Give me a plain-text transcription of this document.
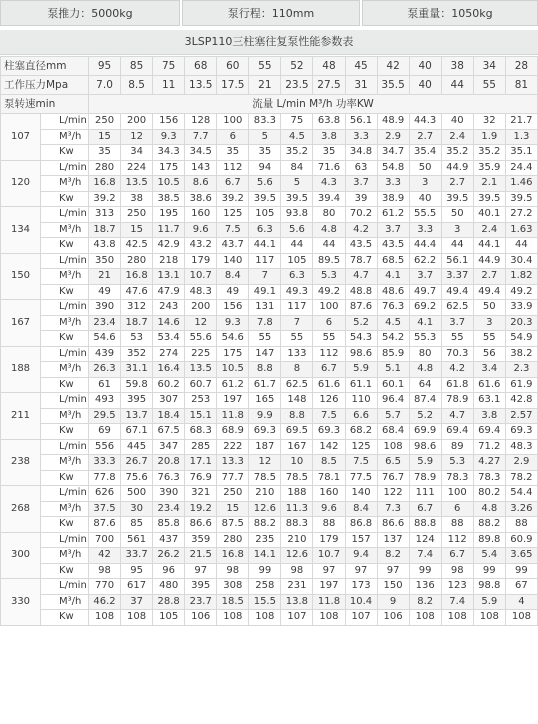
泵推力：5000kg	泵行程：110mm	泵重量：1050kg
3LSP110三柱塞往复泵性能参数表
柱塞直径mm		95	85	75	68	60	55	52	48	45	42	40	38	34	28
工作压力Mpa		7.0	8.5	11	13.5	17.5	21	23.5	27.5	31	35.5	40	44	55	81
泵转速min		流量 L/min M³/h 功率KW													
107	L/min	250	200	156	128	100	83.3	75	63.8	56.1	48.9	44.3	40	32	21.7
	M³/h	15	12	9.3	7.7	6	5	4.5	3.8	3.3	2.9	2.7	2.4	1.9	1.3
	Kw	35	34	34.3	34.5	35	35	35.2	35	34.8	34.7	35.4	35.2	35.2	35.1
120	L/min	280	224	175	143	112	94	84	71.6	63	54.8	50	44.9	35.9	24.4
	M³/h	16.8	13.5	10.5	8.6	6.7	5.6	5	4.3	3.7	3.3	3	2.7	2.1	1.46
	Kw	39.2	38	38.5	38.6	39.2	39.5	39.5	39.4	39	38.9	40	39.5	39.5	39.5
134	L/min	313	250	195	160	125	105	93.8	80	70.2	61.2	55.5	50	40.1	27.2
	M³/h	18.7	15	11.7	9.6	7.5	6.3	5.6	4.8	4.2	3.7	3.3	3	2.4	1.63
	Kw	43.8	42.5	42.9	43.2	43.7	44.1	44	44	43.5	43.5	44.4	44	44.1	44
150	L/min	350	280	218	179	140	117	105	89.5	78.7	68.5	62.2	56.1	44.9	30.4
	M³/h	21	16.8	13.1	10.7	8.4	7	6.3	5.3	4.7	4.1	3.7	3.37	2.7	1.82
	Kw	49	47.6	47.9	48.3	49	49.1	49.3	49.2	48.8	48.6	49.7	49.4	49.4	49.2
167	L/min	390	312	243	200	156	131	117	100	87.6	76.3	69.2	62.5	50	33.9
	M³/h	23.4	18.7	14.6	12	9.3	7.8	7	6	5.2	4.5	4.1	3.7	3	20.3
	Kw	54.6	53	53.4	55.6	54.6	55	55	55	54.3	54.2	55.3	55	55	54.9
188	L/min	439	352	274	225	175	147	133	112	98.6	85.9	80	70.3	56	38.2
	M³/h	26.3	31.1	16.4	13.5	10.5	8.8	8	6.7	5.9	5.1	4.8	4.2	3.4	2.3
	Kw	61	59.8	60.2	60.7	61.2	61.7	62.5	61.6	61.1	60.1	64	61.8	61.6	61.9
211	L/min	493	395	307	253	197	165	148	126	110	96.4	87.4	78.9	63.1	42.8
	M³/h	29.5	13.7	18.4	15.1	11.8	9.9	8.8	7.5	6.6	5.7	5.2	4.7	3.8	2.57
	Kw	69	67.1	67.5	68.3	68.9	69.3	69.5	69.3	68.2	68.4	69.9	69.4	69.4	69.3
238	L/min	556	445	347	285	222	187	167	142	125	108	98.6	89	71.2	48.3
	M³/h	33.3	26.7	20.8	17.1	13.3	12	10	8.5	7.5	6.5	5.9	5.3	4.27	2.9
	Kw	77.8	75.6	76.3	76.9	77.7	78.5	78.5	78.1	77.5	76.7	78.9	78.3	78.3	78.2
268	L/min	626	500	390	321	250	210	188	160	140	122	111	100	80.2	54.4
	M³/h	37.5	30	23.4	19.2	15	12.6	11.3	9.6	8.4	7.3	6.7	6	4.8	3.26
	Kw	87.6	85	85.8	86.6	87.5	88.2	88.3	88	86.8	86.6	88.8	88	88.2	88
300	L/min	700	561	437	359	280	235	210	179	157	137	124	112	89.8	60.9
	M³/h	42	33.7	26.2	21.5	16.8	14.1	12.6	10.7	9.4	8.2	7.4	6.7	5.4	3.65
	Kw	98	95	96	97	98	99	98	97	97	97	99	98	99	99
330	L/min	770	617	480	395	308	258	231	197	173	150	136	123	98.8	67
	M³/h	46.2	37	28.8	23.7	18.5	15.5	13.8	11.8	10.4	9	8.2	7.4	5.9	4
	Kw	108	108	105	106	108	108	107	108	107	106	108	108	108	108
